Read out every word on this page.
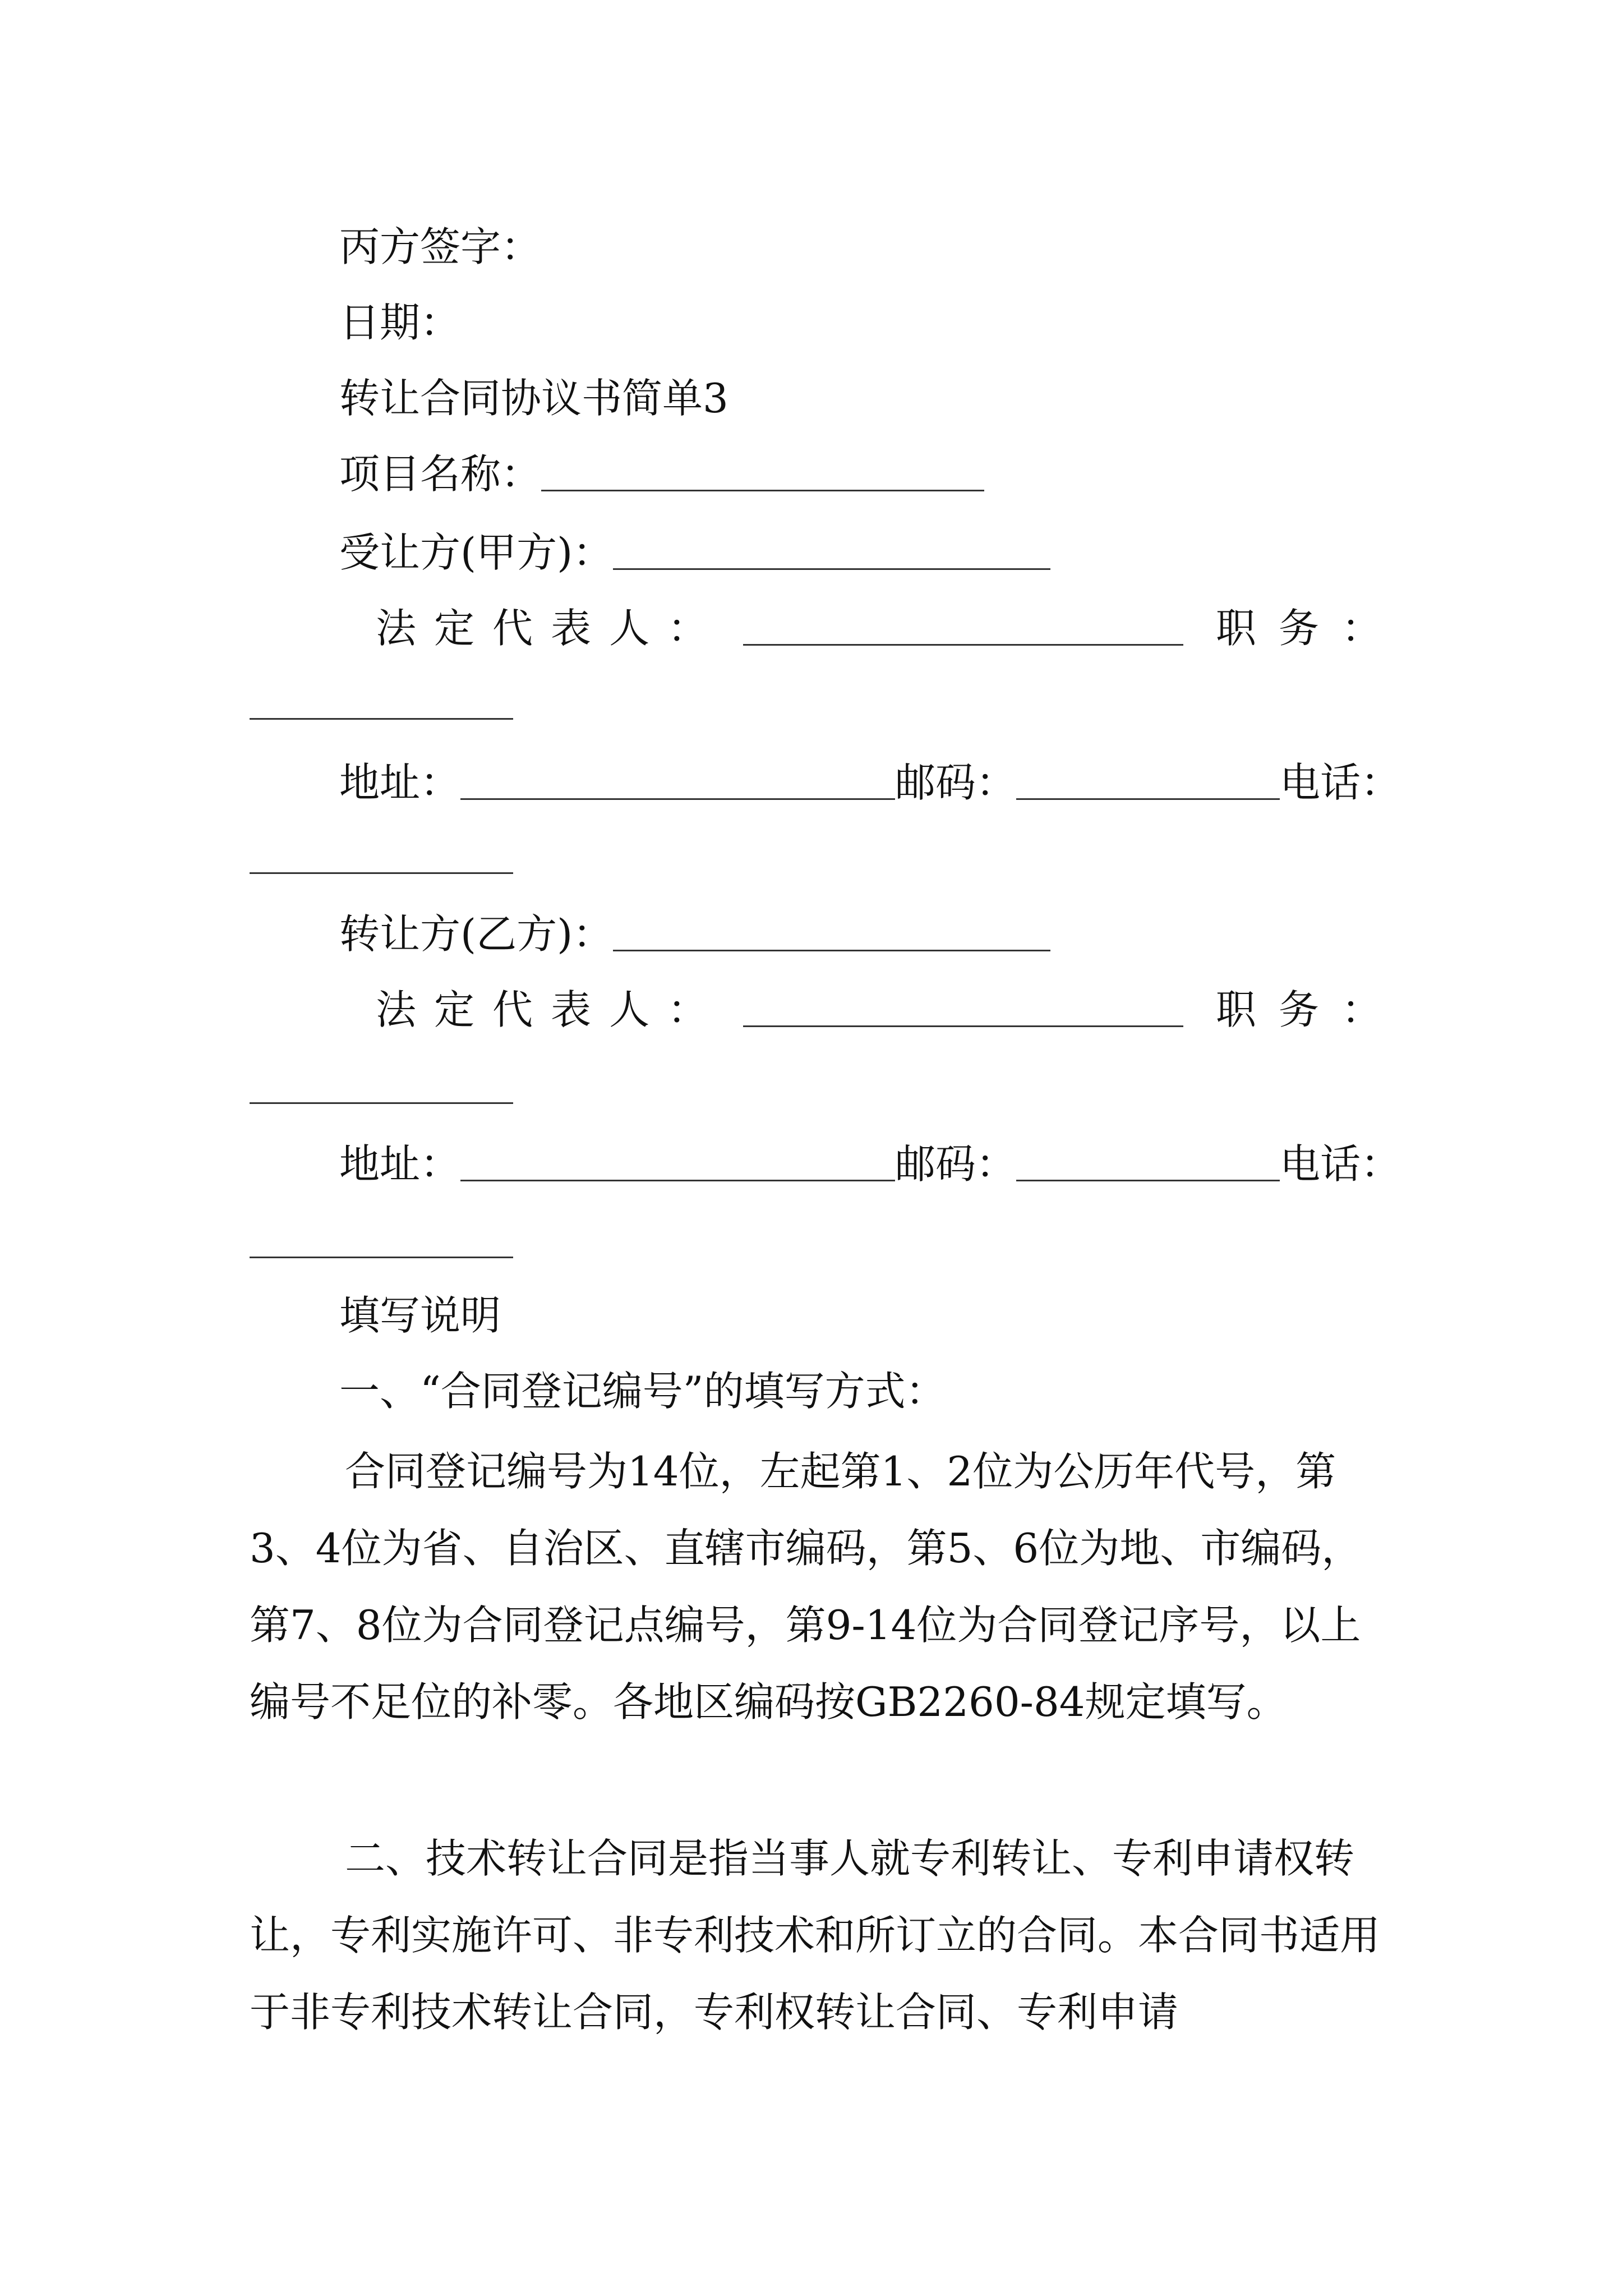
丙方签字：
日期：
转让合同协议书简单3
项目名称：
受让方(甲方)：
法 定 代 表 人 ：	职 务 ：
地址：	邮码：	电话：
转让方(乙方)：
法 定 代 表 人 ：	职 务 ：
地址：	邮码：	电话：
填写说明
一、“合同登记编号”的填写方式：
合同登记编号为14位，左起第1、2位为公历年代号，第3、4位为省、自治区、直辖市编码，第5、6位为地、市编码，第7、8位为合同登记点编号，第9-14位为合同登记序号，以上编号不足位的补零。各地区编码按GB2260-84规定填写。
二、技术转让合同是指当事人就专利转让、专利申请权转让，专利实施许可、非专利技术和所订立的合同。本合同书适用于非专利技术转让合同，专利权转让合同、专利申请
